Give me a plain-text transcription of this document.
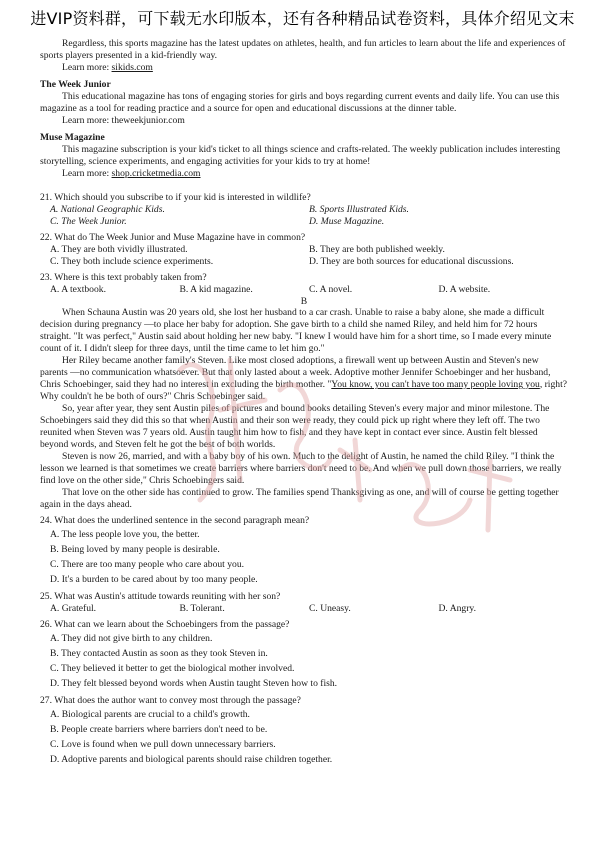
进VIP资料群，可下载无水印版本，还有各种精品试卷资料，具体介绍见文末

Regardless, this sports magazine has the latest updates on athletes, health, and fun articles to learn about the life and experiences of sports players presented in a kid-friendly way.

Learn more: sikids.com

The Week Junior

This educational magazine has tons of engaging stories for girls and boys regarding current events and daily life. You can use this magazine as a tool for reading practice and a source for open and educational discussions at the dinner table.

Learn more: theweekjunior.com

Muse Magazine

This magazine subscription is your kid's ticket to all things science and crafts-related. The weekly publication includes interesting storytelling, science experiments, and engaging activities for your kids to try at home!

Learn more: shop.cricketmedia.com

21. Which should you subscribe to if your kid is interested in wildlife?

A. National Geographic Kids.	B. Sports Illustrated Kids.
C. The Week Junior.	D. Muse Magazine.

22. What do The Week Junior and Muse Magazine have in common?

A. They are both vividly illustrated.	B. They are both published weekly.
C. They both include science experiments.	D. They are both sources for educational discussions.

23. Where is this text probably taken from?

A. A textbook.	B. A kid magazine.	C. A novel.	D. A website.

B

When Schauna Austin was 20 years old, she lost her husband to a car crash. Unable to raise a baby alone, she made a difficult decision during pregnancy —to place her baby for adoption. She gave birth to a child she named Riley, and held him for 72 hours straight. "It was perfect," Austin said about holding her new baby. "I knew I would have him for a short time, so I made every minute count of it. I didn't sleep for three days, until the time came to let him go."

Her Riley became another family's Steven. Like most closed adoptions, a firewall went up between Austin and Steven's new parents —no communication whatsoever. But that only lasted about a week. Adoptive mother Jennifer Schoebinger and her husband, Chris Schoebinger, said they had no interest in excluding the birth mother. "You know, you can't have too many people loving you, right? Why couldn't he be both of ours?" Chris Schoebinger said.

So, year after year, they sent Austin piles of pictures and bound books detailing Steven's every major and minor milestone. The Schoebingers said they did this so that when Austin and their son were ready, they could pick up right where they left off. The two reunited when Steven was 7 years old. Austin taught him how to fish, and they have kept in contact ever since. Austin felt blessed beyond words, and Steven felt he got the best of both worlds.

Steven is now 26, married, and with a baby boy of his own. Much to the delight of Austin, he named the child Riley. "I think the lesson we learned is that sometimes we create barriers where barriers don't need to be. And when we pull down those barriers, we really find love on the other side," Chris Schoebingers said.

That love on the other side has continued to grow. The families spend Thanksgiving as one, and will of course be getting together again in the days ahead.

24. What does the underlined sentence in the second paragraph mean?

A. The less people love you, the better.
B. Being loved by many people is desirable.
C. There are too many people who care about you.
D. It's a burden to be cared about by too many people.

25. What was Austin's attitude towards reuniting with her son?

A. Grateful.	B. Tolerant.	C. Uneasy.	D. Angry.

26. What can we learn about the Schoebingers from the passage?

A. They did not give birth to any children.
B. They contacted Austin as soon as they took Steven in.
C. They believed it better to get the biological mother involved.
D. They felt blessed beyond words when Austin taught Steven how to fish.

27. What does the author want to convey most through the passage?

A. Biological parents are crucial to a child's growth.
B. People create barriers where barriers don't need to be.
C. Love is found when we pull down unnecessary barriers.
D. Adoptive parents and biological parents should raise children together.
